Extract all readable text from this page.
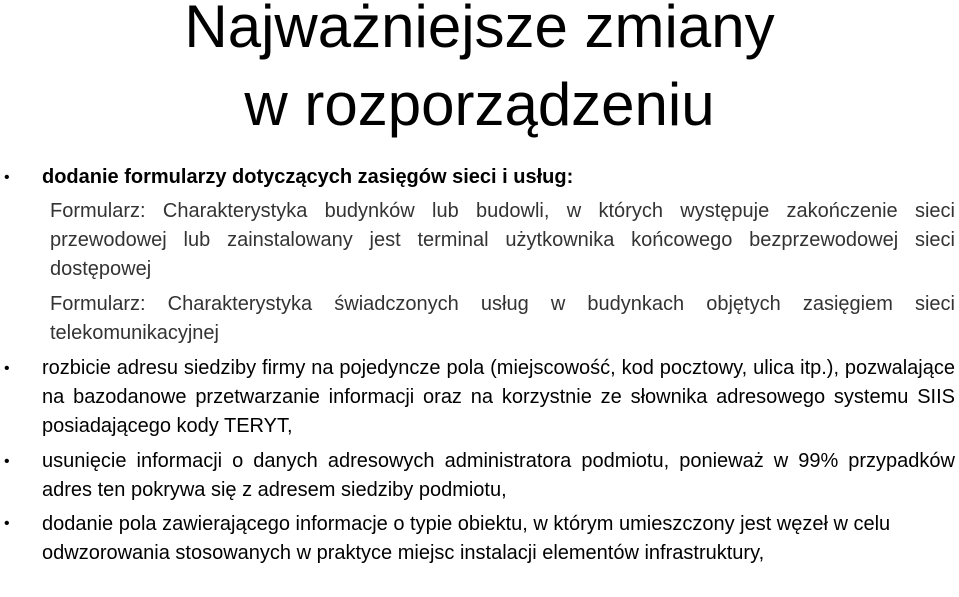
Najważniejsze zmiany
w rozporządzeniu
• dodanie formularzy dotyczących zasięgów sieci i usług:

Formularz: Charakterystyka budynków lub budowli, w których występuje zakończenie sieci przewodowej lub zainstalowany jest terminal użytkownika końcowego bezprzewodowej sieci dostępowej

Formularz: Charakterystyka świadczonych usług w budynkach objętych zasięgiem sieci telekomunikacyjnej

• rozbicie adresu siedziby firmy na pojedyncze pola (miejscowość, kod pocztowy, ulica itp.), pozwalające na bazodanowe przetwarzanie informacji oraz na korzystnie ze słownika adresowego systemu SIIS posiadającego kody TERYT,

• usunięcie informacji o danych adresowych administratora podmiotu, ponieważ w 99% przypadków adres ten pokrywa się z adresem siedziby podmiotu,

• dodanie pola zawierającego informacje o typie obiektu, w którym umieszczony jest węzeł w celu odwzorowania stosowanych w praktyce miejsc instalacji elementów infrastruktury,
